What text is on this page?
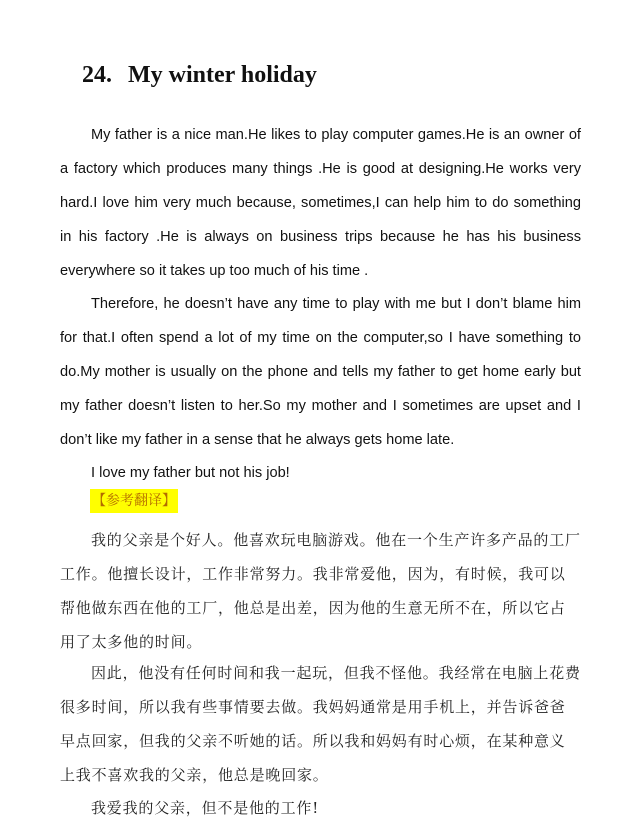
24. My winter holiday

My father is a nice man.He likes to play computer games.He is an owner of a factory which produces many things .He is good at designing.He works very hard.I love him very much because, sometimes,I can help him to do something in his factory .He is always on business trips because he has his business everywhere so it takes up too much of his time .

Therefore, he doesn’t have any time to play with me but I don’t blame him for that.I often spend a lot of my time on the computer,so I have something to do.My mother is usually on the phone and tells my father to get home early but my father doesn’t listen to her.So my mother and I sometimes are upset and I don’t like my father in a sense that he always gets home late.

I love my father but not his job!

【参考翻译】

我的父亲是个好人。他喜欢玩电脑游戏。他在一个生产许多产品的工厂工作。他擅长设计，工作非常努力。我非常爱他，因为，有时候，我可以帮他做东西在他的工厂，他总是出差，因为他的生意无所不在，所以它占用了太多他的时间。

因此，他没有任何时间和我一起玩，但我不怪他。我经常在电脑上花费很多时间，所以我有些事情要去做。我妈妈通常是用手机上，并告诉爸爸早点回家，但我的父亲不听她的话。所以我和妈妈有时心烦，在某种意义上我不喜欢我的父亲，他总是晚回家。

我爱我的父亲，但不是他的工作!
